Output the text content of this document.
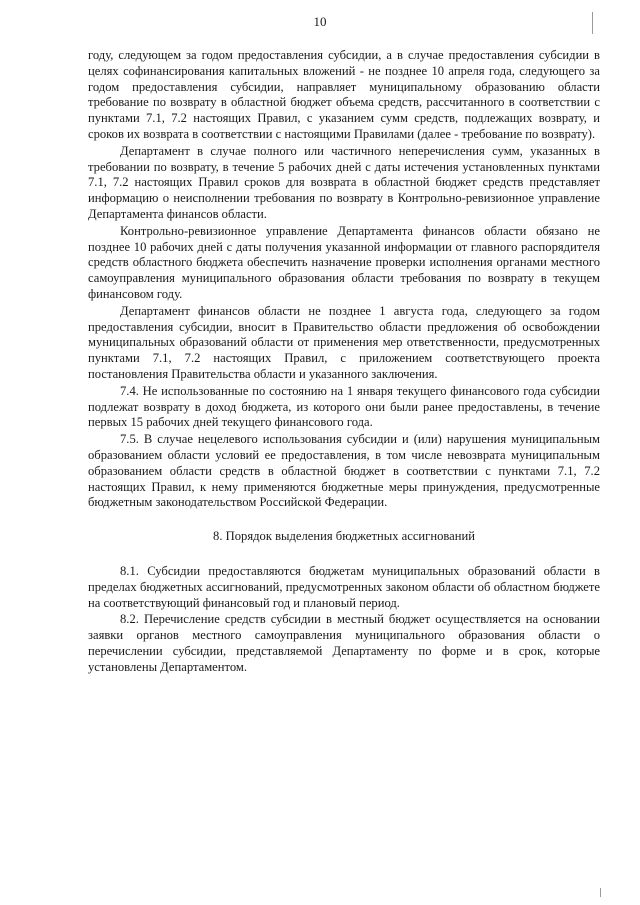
10

году, следующем за годом предоставления субсидии, а в случае предоставления субсидии в целях софинансирования капитальных вложений - не позднее 10 апреля года, следующего за годом предоставления субсидии, направляет муниципальному образованию области требование по возврату в областной бюджет объема средств, рассчитанного в соответствии с пунктами 7.1, 7.2 настоящих Правил, с указанием сумм средств, подлежащих возврату, и сроков их возврата в соответствии с настоящими Правилами (далее - требование по возврату).

Департамент в случае полного или частичного неперечисления сумм, указанных в требовании по возврату, в течение 5 рабочих дней с даты истечения установленных пунктами 7.1, 7.2 настоящих Правил сроков для возврата в областной бюджет средств представляет информацию о неисполнении требования по возврату в Контрольно-ревизионное управление Департамента финансов области.

Контрольно-ревизионное управление Департамента финансов области обязано не позднее 10 рабочих дней с даты получения указанной информации от главного распорядителя средств областного бюджета обеспечить назначение проверки исполнения органами местного самоуправления муниципального образования области требования по возврату в текущем финансовом году.

Департамент финансов области не позднее 1 августа года, следующего за годом предоставления субсидии, вносит в Правительство области предложения об освобождении муниципальных образований области от применения мер ответственности, предусмотренных пунктами 7.1, 7.2 настоящих Правил, с приложением соответствующего проекта постановления Правительства области и указанного заключения.

7.4. Не использованные по состоянию на 1 января текущего финансового года субсидии подлежат возврату в доход бюджета, из которого они были ранее предоставлены, в течение первых 15 рабочих дней текущего финансового года.

7.5. В случае нецелевого использования субсидии и (или) нарушения муниципальным образованием области условий ее предоставления, в том числе невозврата муниципальным образованием области средств в областной бюджет в соответствии с пунктами 7.1, 7.2 настоящих Правил, к нему применяются бюджетные меры принуждения, предусмотренные бюджетным законодательством Российской Федерации.

8. Порядок выделения бюджетных ассигнований

8.1. Субсидии предоставляются бюджетам муниципальных образований области в пределах бюджетных ассигнований, предусмотренных законом области об областном бюджете на соответствующий финансовый год и плановый период.

8.2. Перечисление средств субсидии в местный бюджет осуществляется на основании заявки органов местного самоуправления муниципального образования области о перечислении субсидии, представляемой Департаменту по форме и в срок, которые установлены Департаментом.
